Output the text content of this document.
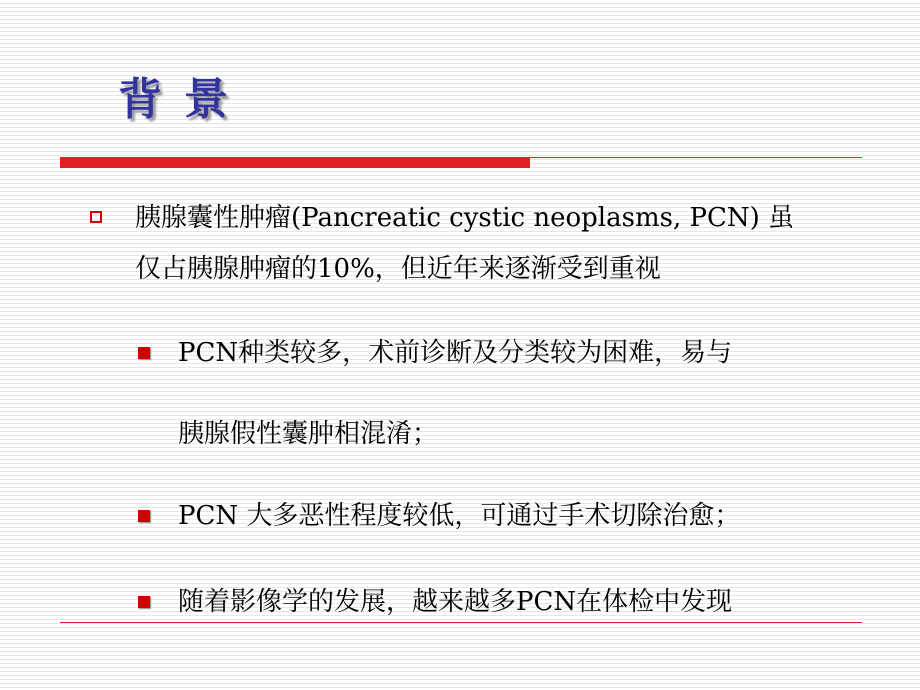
背景
胰腺囊性肿瘤(Pancreatic cystic neoplasms, PCN) 虽
仅占胰腺肿瘤的10%，但近年来逐渐受到重视
PCN种类较多，术前诊断及分类较为困难，易与
胰腺假性囊肿相混淆；
PCN 大多恶性程度较低，可通过手术切除治愈；
随着影像学的发展，越来越多PCN在体检中发现
